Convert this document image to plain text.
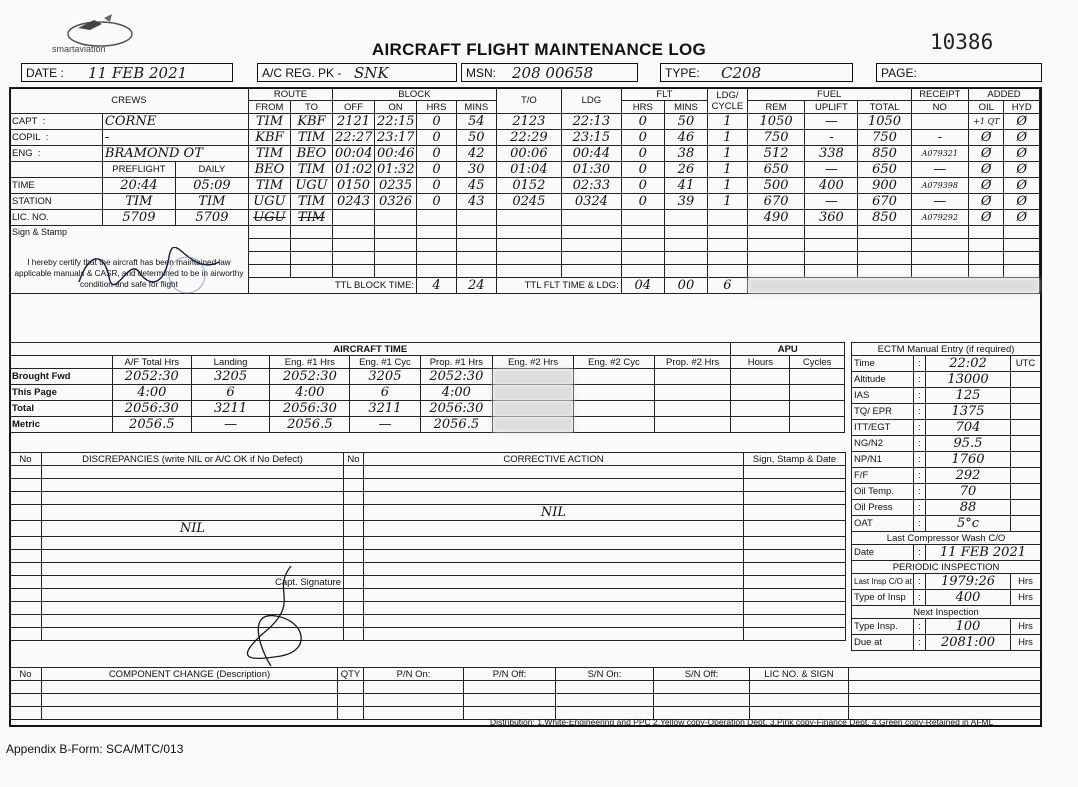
smartaviation	AIRCRAFT FLIGHT MAINTENANCE LOG	10386
DATE : 11 FEB 2021	A/C REG. PK - SNK	MSN: 208 00658	TYPE: C208	PAGE:
CREWS			ROUTE		BLOCK				T/O	LDG	FLT		LDG/
CYCLE	FUEL			RECEIPT	ADDED	
			FROM	TO	OFF	ON	HRS	MINS			HRS	MINS		REM	UPLIFT	TOTAL	NO	OIL	HYD
CAPT  :	CORNE		TIM	KBF	2121	22:15	0	54	2123	22:13	0	50	1	1050	—	1050		+1 QT	Ø
COPIL  :	-		KBF	TIM	22:27	23:17	0	50	22:29	23:15	0	46	1	750	-	750	-	Ø	Ø
ENG  :	BRAMOND OT		TIM	BEO	00:04	00:46	0	42	00:06	00:44	0	38	1	512	338	850	A079321	Ø	Ø
	PREFLIGHT	DAILY	BEO	TIM	01:02	01:32	0	30	01:04	01:30	0	26	1	650	—	650	—	Ø	Ø
TIME	20:44	05:09	TIM	UGU	0150	0235	0	45	0152	02:33	0	41	1	500	400	900	A079398	Ø	Ø
STATION	TIM	TIM	UGU	TIM	0243	0326	0	43	0245	0324	0	39	1	670	—	670	—	Ø	Ø
LIC. NO.	5709	5709	UGU	TIM										490	360	850	A079292	Ø	Ø

Sign & Stamp
I hereby certify that the aircraft has been maintained law applicable manuals & CASR, and determined to be in airworthy condition and safe for flight																			

			TTL BLOCK TIME:				4	24	TTL FLT TIME & LDG:		04	00	6						
AIRCRAFT TIME									APU	
	A/F Total Hrs	Landing	Eng. #1 Hrs	Eng. #1 Cyc	Prop. #1 Hrs	Eng. #2 Hrs	Eng. #2 Cyc	Prop. #2 Hrs	Hours	Cycles
Brought Fwd	2052:30	3205	2052:30	3205	2052:30					
This Page	4:00	6	4:00	6	4:00					
Total	2056:30	3211	2056:30	3211	2056:30					
Metric	2056.5	—	2056.5	—	2056.5					
ECTM Manual Entry (if required)			
Time	:	22:02	UTC
Altitude	:	13000	
IAS	:	125	
TQ/ EPR	:	1375	
ITT/EGT	:	704	
NG/N2	:	95.5	
NP/N1	:	1760	
F/F	:	292	
Oil Temp.	:	70	
Oil Press	:	88	
OAT	:	5°c	
Last Compressor Wash C/O			
Date	:	11 FEB 2021	
PERIODIC INSPECTION			
Last Insp C/O at	:	1979:26	Hrs
Type of Insp	:	400	Hrs
Next Inspection			
Type Insp.	:	100	Hrs
Due at	:	2081:00	Hrs
No	DISCREPANCIES (write NIL or A/C OK if No Defect)	No	CORRECTIVE ACTION	Sign, Stamp & Date

			NIL	
	NIL			

	Capt. Signature			

No	COMPONENT CHANGE (Description)	QTY	P/N On:	P/N Off:	S/N On:	S/N Off:	LIC NO. & SIGN	

Distribution: 1.White-Engineering and PPC 2.Yellow copy-Operation Dept. 3.Pink copy-Finance Dept. 4.Green copy-Retained in AFML
Appendix B-Form: SCA/MTC/013
